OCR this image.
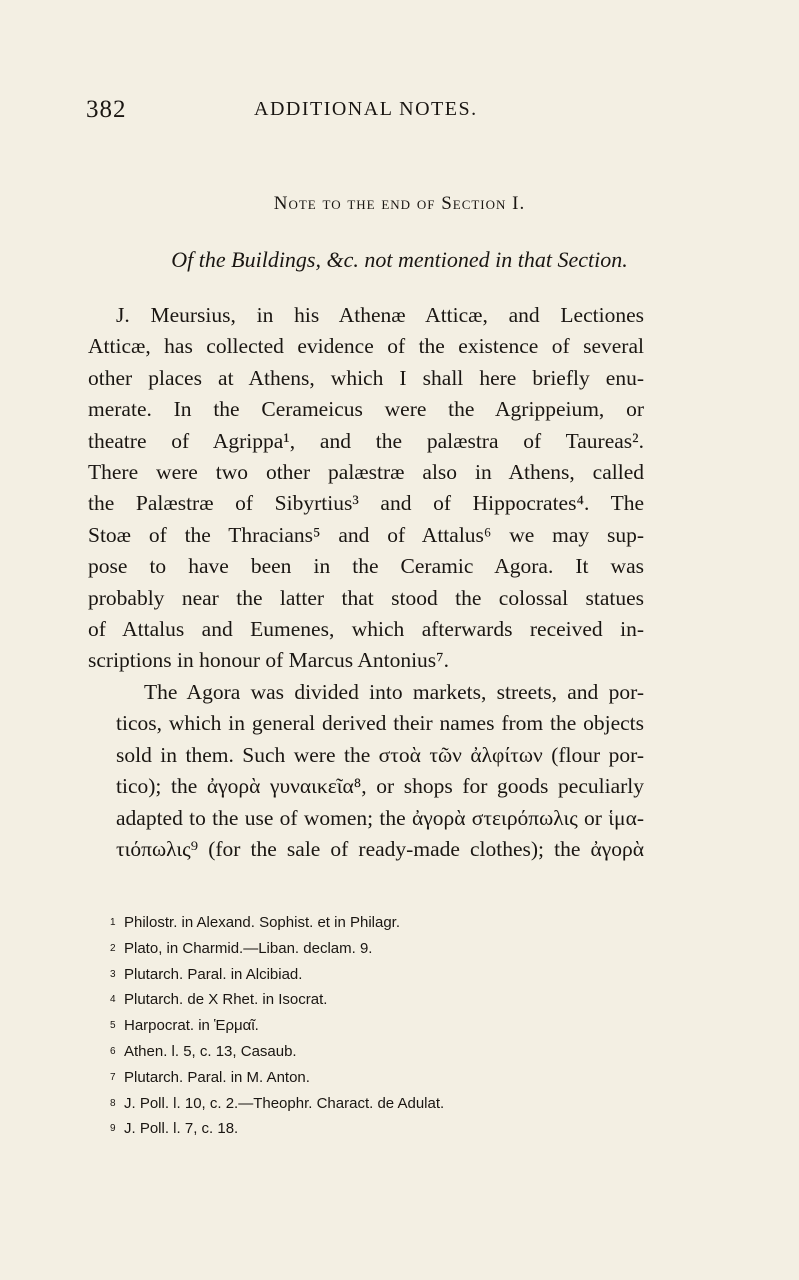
382	ADDITIONAL NOTES.
Note to the end of Section I.
Of the Buildings, &c. not mentioned in that Section.
J. Meursius, in his Athenæ Atticæ, and Lectiones
Atticæ, has collected evidence of the existence of several
other places at Athens, which I shall here briefly enu-
merate. In the Cerameicus were the Agrippeium, or
theatre of Agrippa¹, and the palæstra of Taureas².
There were two other palæstræ also in Athens, called
the Palæstræ of Sibyrtius³ and of Hippocrates⁴. The
Stoæ of the Thracians⁵ and of Attalus⁶ we may sup-
pose to have been in the Ceramic Agora. It was
probably near the latter that stood the colossal statues
of Attalus and Eumenes, which afterwards received in-
scriptions in honour of Marcus Antonius⁷.
The Agora was divided into markets, streets, and por-
ticos, which in general derived their names from the objects
sold in them. Such were the στοὰ τῶν ἀλφίτων (flour por-
tico); the ἀγορὰ γυναικεῖα⁸, or shops for goods peculiarly
adapted to the use of women; the ἀγορὰ στειρόπωλις or ἱμα-
τιόπωλις⁹ (for the sale of ready-made clothes); the ἀγορὰ
1 Philostr. in Alexand. Sophist. et in Philagr.
2 Plato, in Charmid.—Liban. declam. 9.
3 Plutarch. Paral. in Alcibiad.
4 Plutarch. de X Rhet. in Isocrat.
5 Harpocrat. in Ἑρμαῖ.
6 Athen. l. 5, c. 13, Casaub.
7 Plutarch. Paral. in M. Anton.
8 J. Poll. l. 10, c. 2.—Theophr. Charact. de Adulat.
9 J. Poll. l. 7, c. 18.
